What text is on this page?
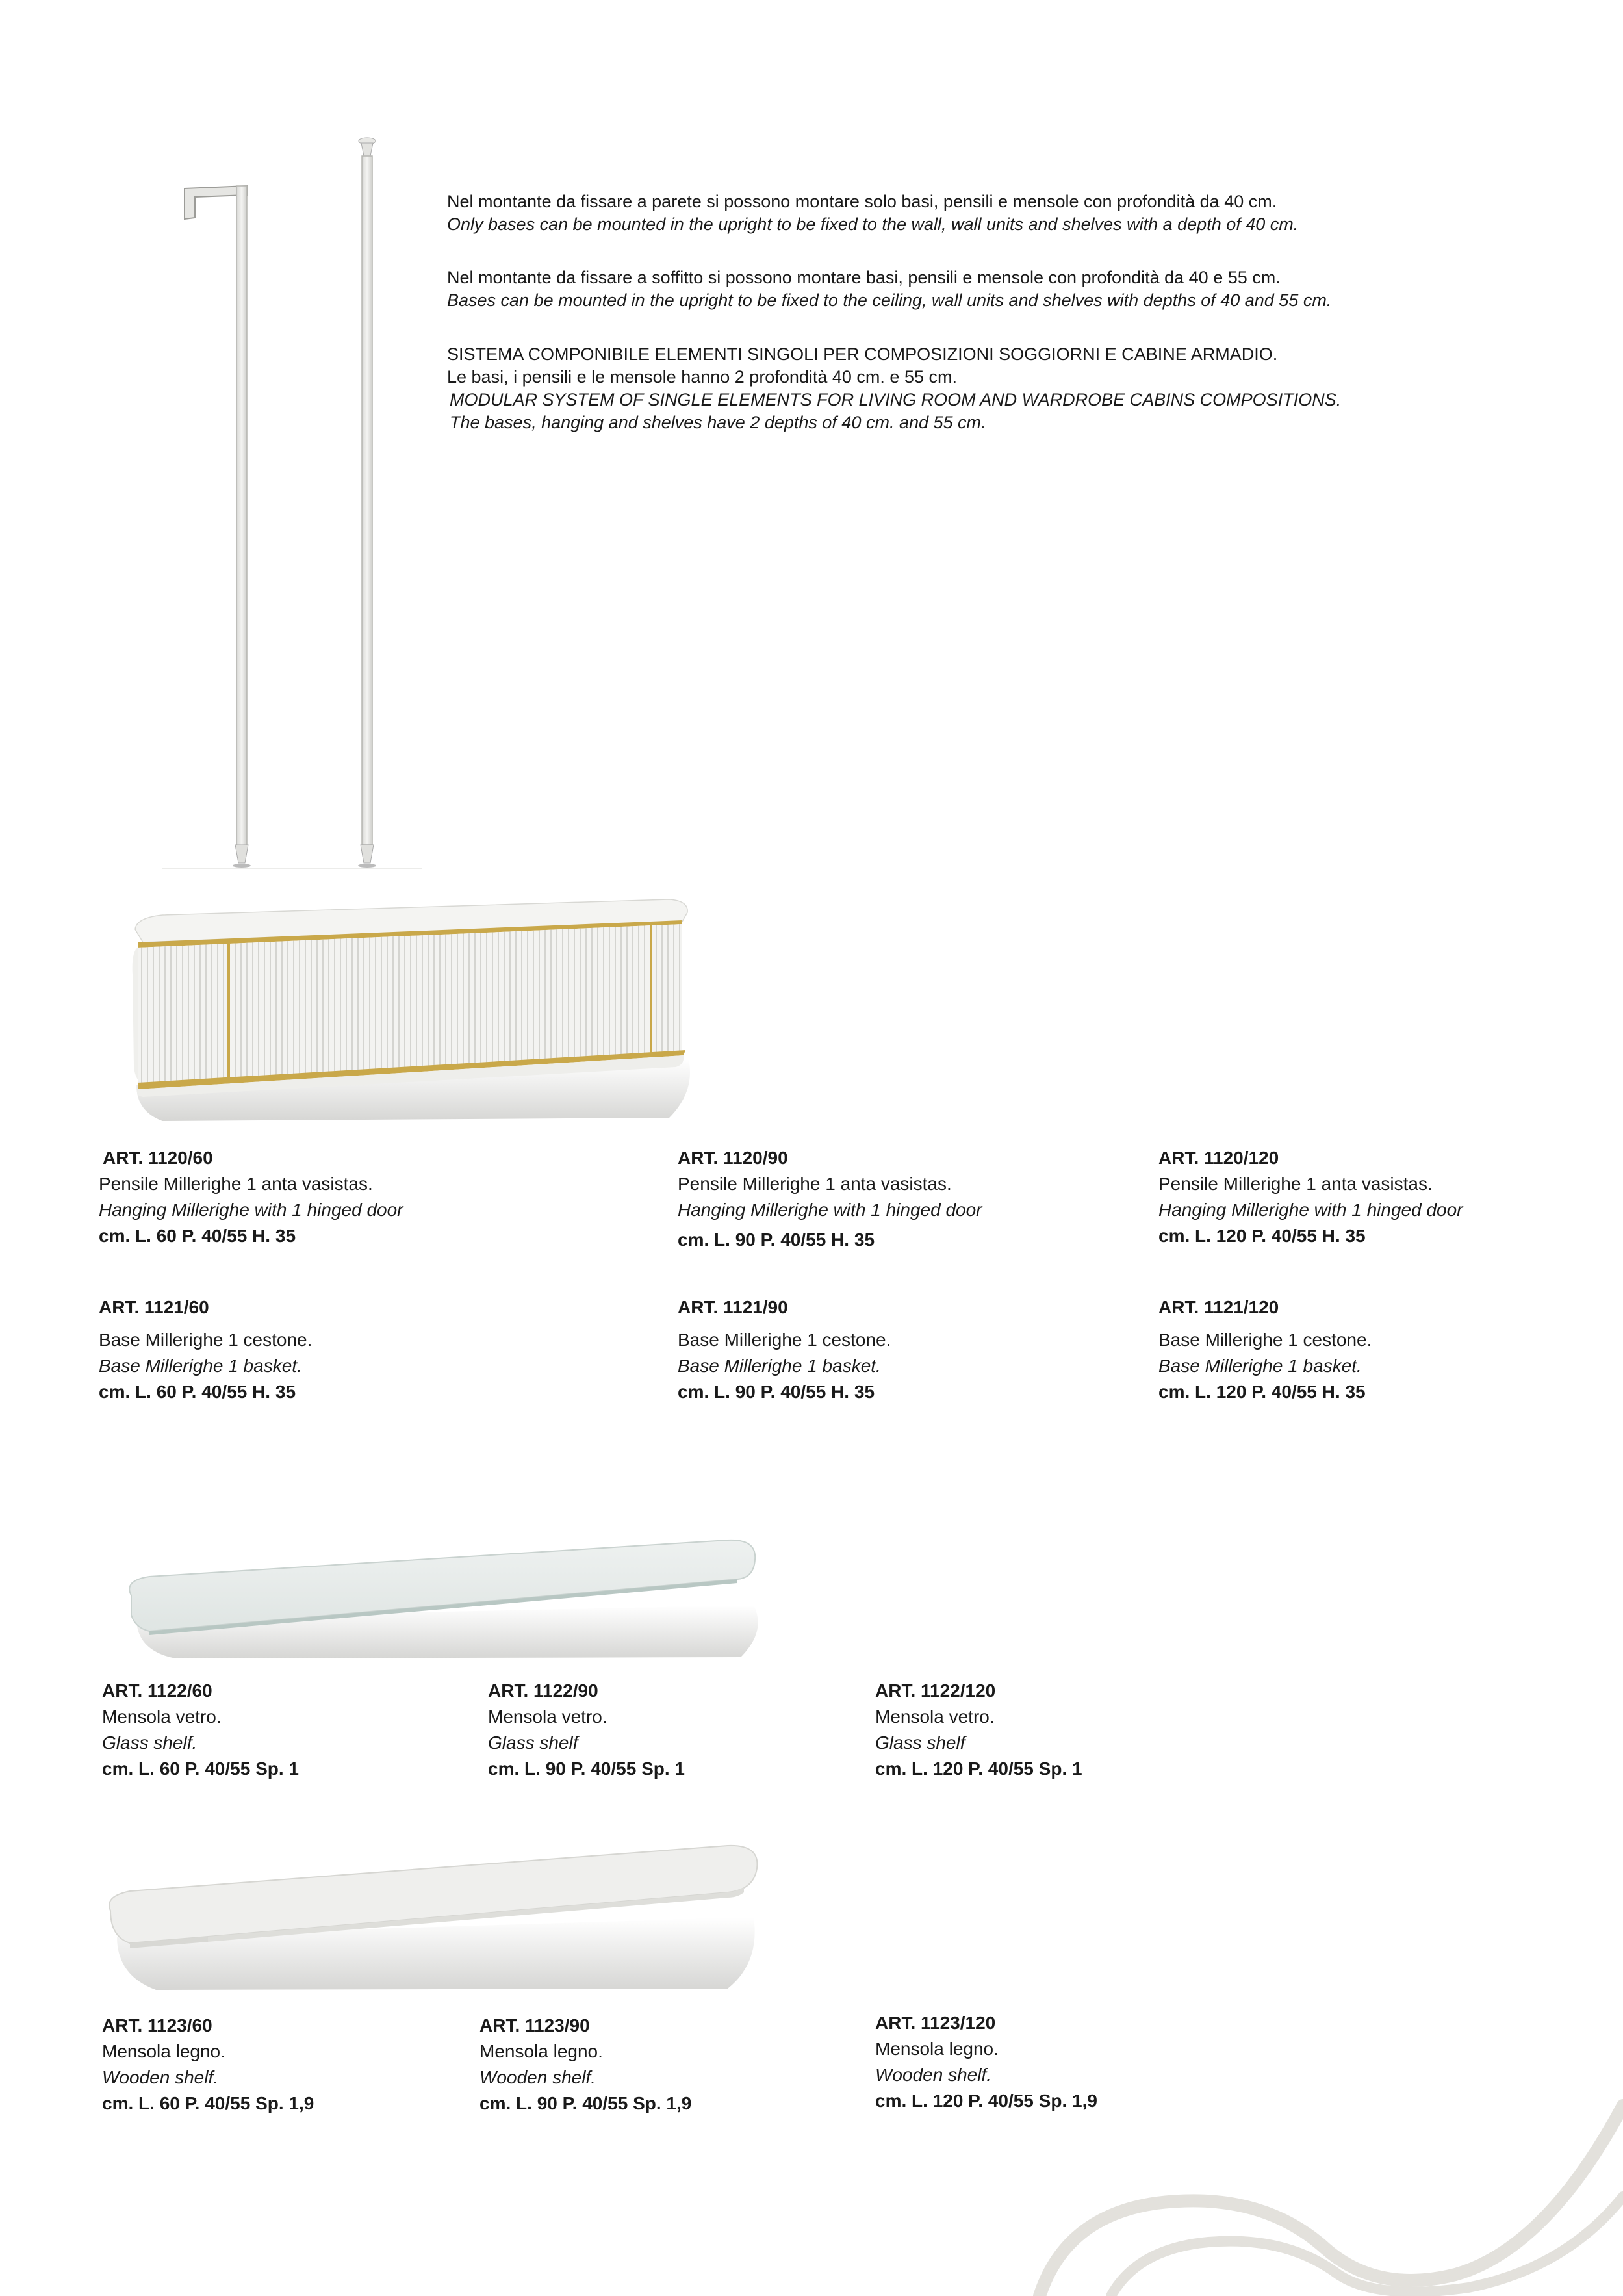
Nel montante da fissare a parete si possono montare solo basi, pensili e mensole con profondità da 40 cm.

Only bases can be mounted in the upright to be fixed to the wall, wall units and shelves with a depth of 40 cm.

Nel montante da fissare a soffitto si possono montare basi, pensili e mensole con profondità da 40 e 55 cm.

Bases can be mounted in the upright to be fixed to the ceiling, wall units and shelves with depths of 40 and 55 cm.

SISTEMA COMPONIBILE ELEMENTI SINGOLI PER COMPOSIZIONI SOGGIORNI E CABINE ARMADIO.

Le basi, i pensili e le mensole hanno 2 profondità 40 cm. e 55 cm.

MODULAR SYSTEM OF SINGLE ELEMENTS FOR LIVING ROOM AND WARDROBE CABINS COMPOSITIONS.

The bases, hanging and shelves have 2 depths of 40 cm. and 55 cm.

ART. 1120/60
Pensile Millerighe 1 anta vasistas.
Hanging Millerighe with 1 hinged door
cm. L. 60 P. 40/55 H. 35
ART. 1120/90
Pensile Millerighe 1 anta vasistas.
Hanging Millerighe with 1 hinged door
cm. L. 90 P. 40/55 H. 35
ART. 1120/120
Pensile Millerighe 1 anta vasistas.
Hanging Millerighe with 1 hinged door
cm. L. 120 P. 40/55 H. 35
ART. 1121/60
Base Millerighe 1 cestone.
Base Millerighe 1 basket.
cm. L. 60 P. 40/55 H. 35
ART. 1121/90
Base Millerighe 1 cestone.
Base Millerighe 1 basket.
cm. L. 90 P. 40/55 H. 35
ART. 1121/120
Base Millerighe 1 cestone.
Base Millerighe 1 basket.
cm. L. 120 P. 40/55 H. 35
ART. 1122/60
Mensola vetro.
Glass shelf.
cm. L. 60 P. 40/55 Sp. 1
ART. 1122/90
Mensola vetro.
Glass shelf
cm. L. 90 P. 40/55 Sp. 1
ART. 1122/120
Mensola vetro.
Glass shelf
cm. L. 120 P. 40/55 Sp. 1
ART. 1123/60
Mensola legno.
Wooden shelf.
cm. L. 60 P. 40/55 Sp. 1,9
ART. 1123/90
Mensola legno.
Wooden shelf.
cm. L. 90 P. 40/55 Sp. 1,9
ART. 1123/120
Mensola legno.
Wooden shelf.
cm. L. 120 P. 40/55 Sp. 1,9
